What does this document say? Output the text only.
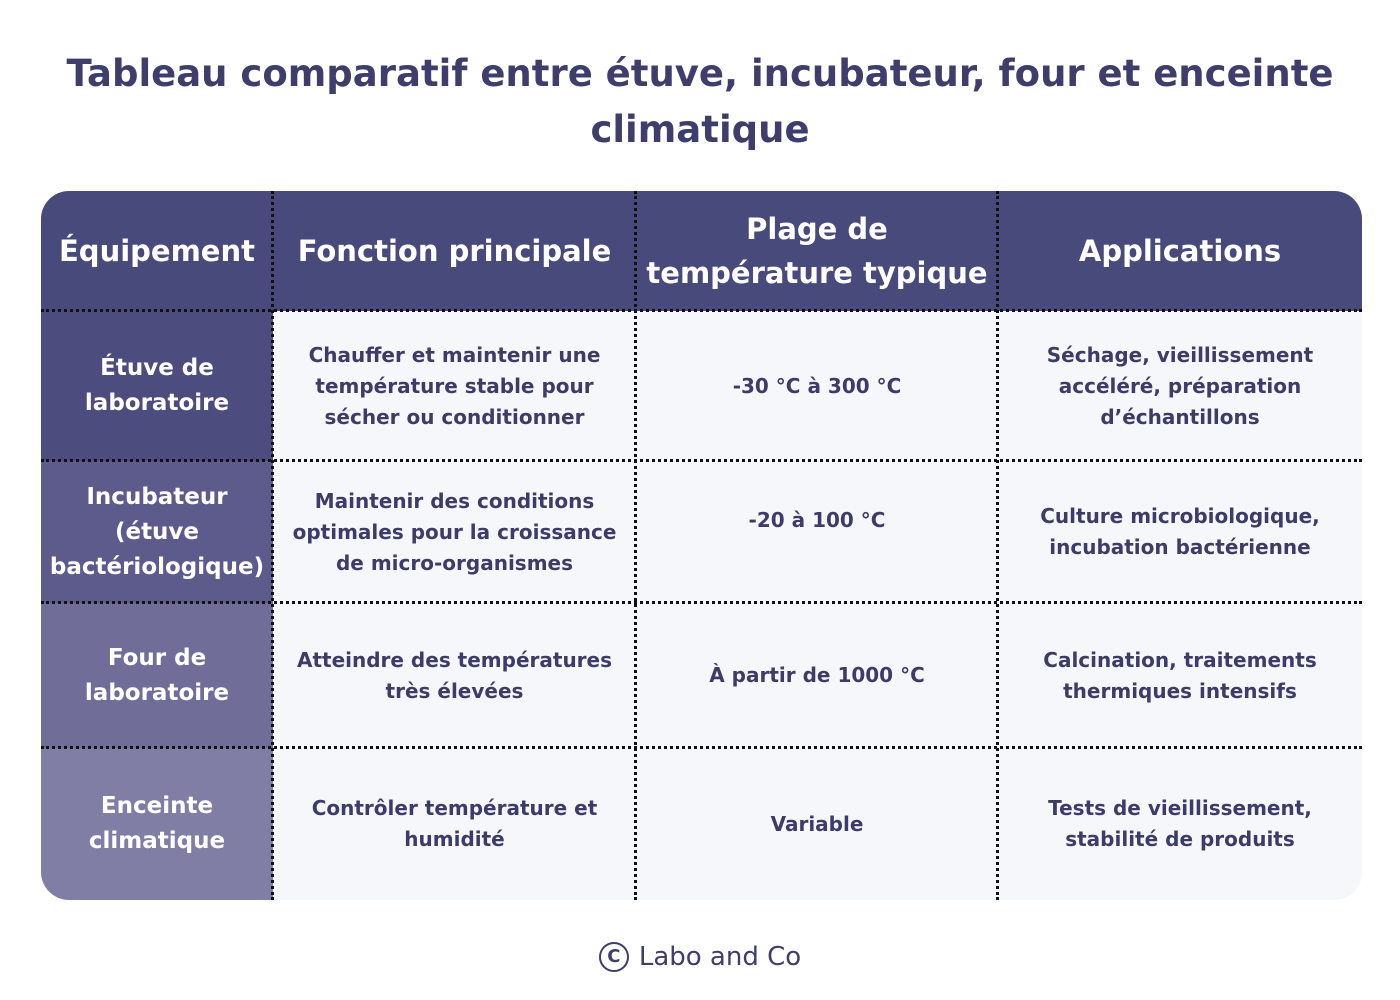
Tableau comparatif entre étuve, incubateur, four et enceinte climatique
Équipement	Fonction principale
Plage de température typique
Applications
Étuve de laboratoire
Chauffer et maintenir une température stable pour sécher ou conditionner
-30 °C à 300 °C
Séchage, vieillissement accéléré, préparation d’échantillons
Incubateur (étuve bactériologique)
Maintenir des conditions optimales pour la croissance de micro-organismes
-20 à 100 °C	Culture microbiologique, incubation bactérienne
Four de laboratoire
Atteindre des températures très élevées
À partir de 1000 °C
Calcination, traitements thermiques intensifs
Enceinte climatique
Contrôler température et humidité
Variable
Tests de vieillissement, stabilité de produits
C Labo and Co
